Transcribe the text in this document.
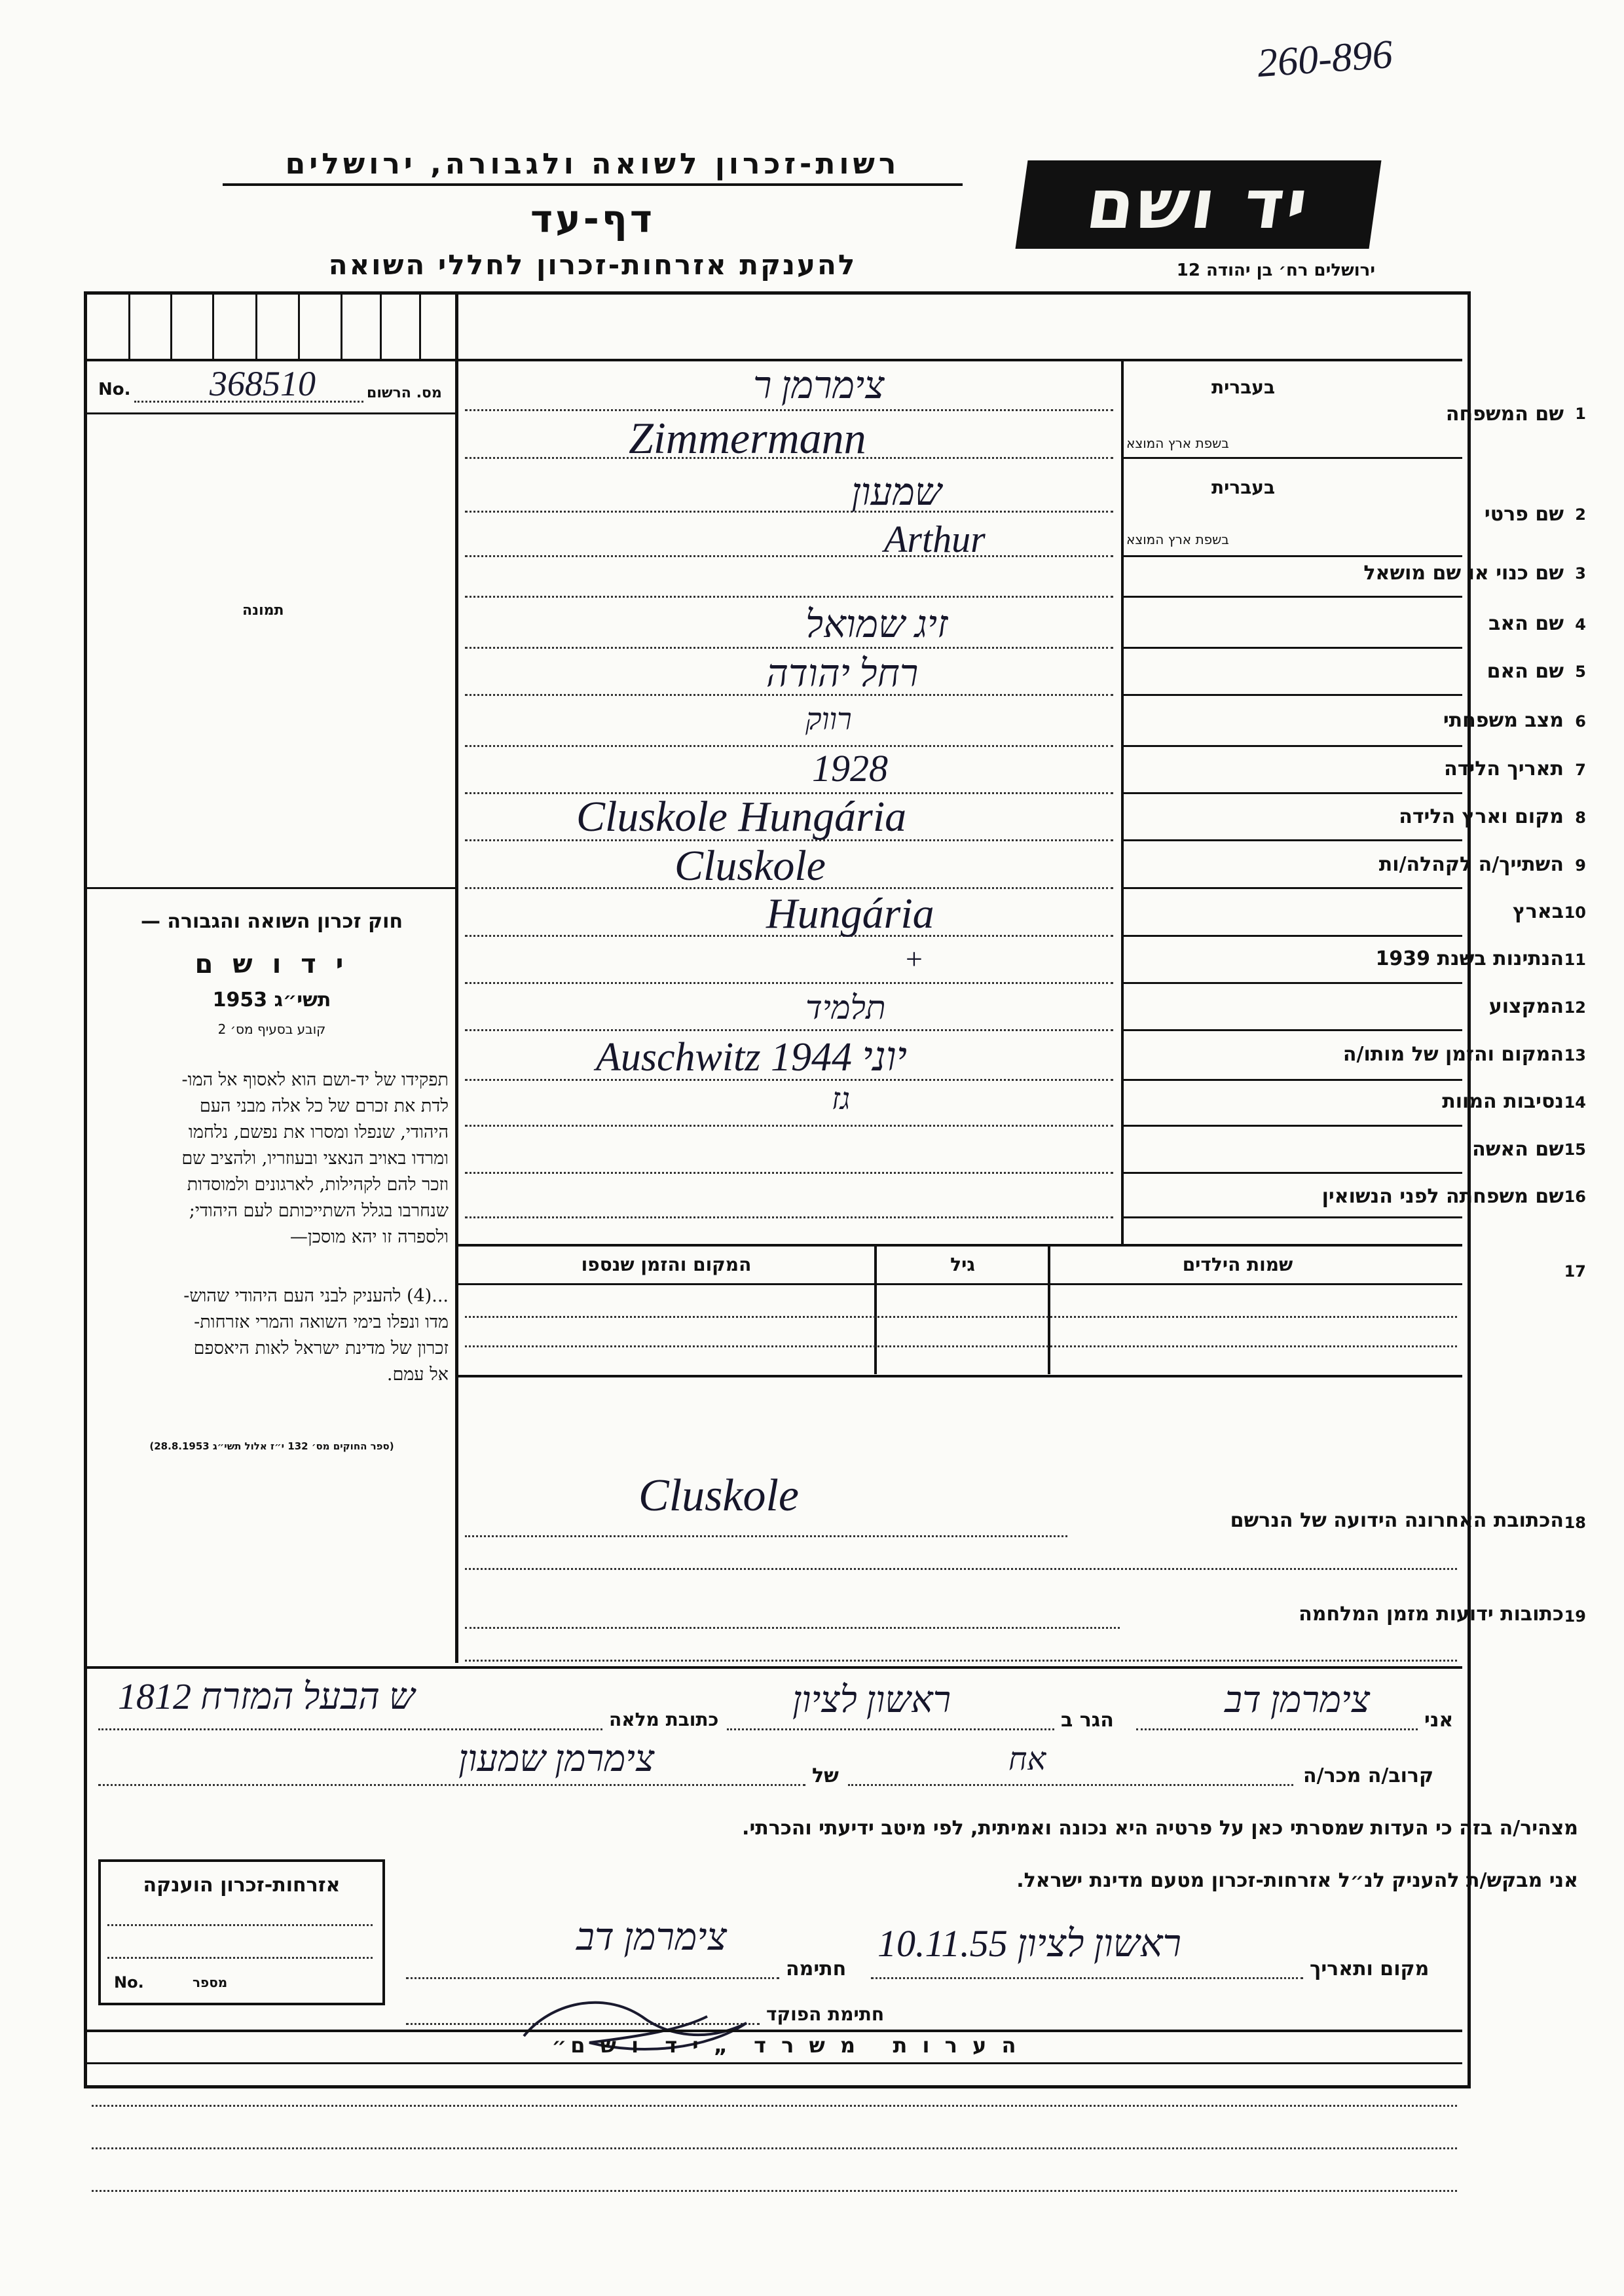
260-896
רשות-זכרון לשואה ולגבורה, ירושלים
דף-עד
להענקת אזרחות-זכרון לחללי השואה
יד ושם
ירושלים רח׳ בן יהודה 12
No. 368510	מס. הרשום
תמונה
חוק זכרון השואה והגבורה —
י ד ו ש ם
תשי״ג 1953
קובע בסעיף מס׳ 2
תפקידו של יד-ושם הוא לאסוף אל המו-
לדת את זכרם של כל אלה מבני העם
היהודי, שנפלו ומסרו את נפשם, נלחמו
ומרדו באויב הנאצי ובעוזריו, ולהציב שם
וזכר להם לקהילות, לארגונים ולמוסדות
שנחרבו בגלל השתייכותם לעם היהודי;
ולספרה זו יהא מוסכן—
...(4) להעניק לבני העם היהודי שהוש-
מדו ונפלו בימי השואה והמרי אזרחות-
זכרון של מדינת ישראל לאות היאספם
אל עמם.
(ספר החוקים מס׳ 132 י״ז אלול תשי״ג 28.8.1953)
1
שם המשפחה
בעברית
בשפת ארץ המוצא
צימרמן ר
Zimmermann
2
שם פרטי
בעברית
בשפת ארץ המוצא
שמעון
Arthur
3
שם כנוי או שם מושאל
4
שם האב
זיג שמואל
5
שם האם
רחל יהודה
6
מצב משפחתי
רווק
7
תאריך הלידה
1928
8
מקום וארץ הלידה
Cluskole Hungária
9
השתייך/ה לקהלה/ות
Cluskole
10
בארץ
Hungária
11
הנתינות בשנת 1939
+
12
המקצוע
תלמיד
13
המקום והזמן של מותו/ה
Auschwitz 1944 יוני
14
נסיבות המוות
גז
15
שם האשה
16
שם משפחתה לפני הנשואין
17
שמות הילדים
גיל
המקום והזמן שנספו
18
הכתובת האחרונה הידועה של הנרשם
Cluskole
19
כתובות ידועות מזמן המלחמה
אני
צימרמן דב
הגר ב
ראשון לציון
כתובת מלאה
ש הבעל המזרח 1812
קרוב/ה מכר/ה
אח
של
צימרמן שמעון
מצהיר/ה בזה כי העדות שמסרתי כאן על פרטיה היא נכונה ואמיתית, לפי מיטב ידיעתי והכרתי.
אני מבקש/ת להעניק לנ״ל אזרחות-זכרון מטעם מדינת ישראל.
מקום ותאריך
ראשון לציון 10.11.55
חתימה
צימרמן דב
חתימת הפוקד
אזרחות-זכרון הוענקה
No.	מספר
ה ע ר ו ת   מ ש ר ד  „ י ד  ו ש ם״
